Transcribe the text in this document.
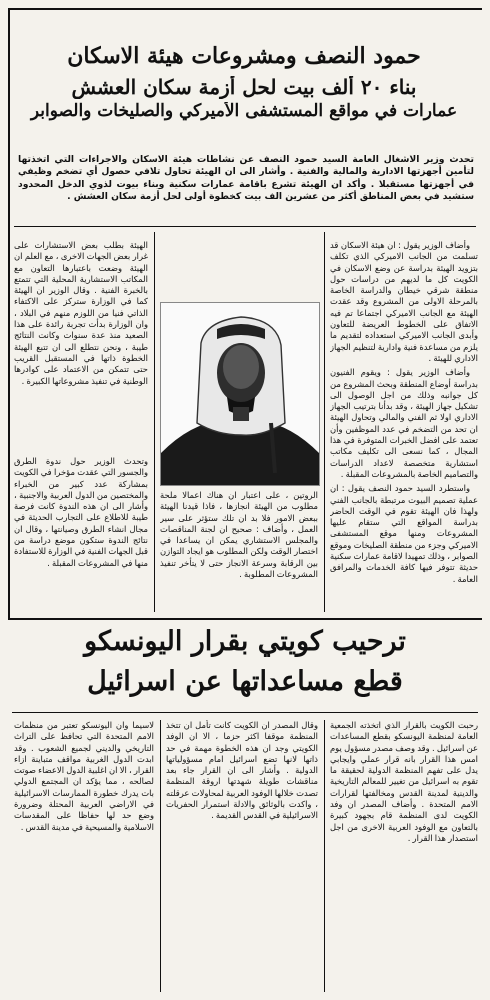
حمود النصف ومشروعات هيئة الاسكان
بناء ٢٠ ألف بيت لحل أزمة سكان العشش
عمارات في مواقع المستشفى الأميركي والصليخات والصوابر
تحدث وزير الاشغال العامة السيد حمود النصف عن نشاطات هيئة الاسكان والاجراءات التي اتخذتها لتأمين أجهزتها الادارية والمالية والفنية . وأشار الى ان الهيئة تحاول تلافي حصول أي تضخم وظيفي في أجهزتها مستقبلا . وأكد ان الهيئة تشرع باقامة عمارات سكنية وبناء بيوت لذوي الدخل المحدود ستشيد في بعض المناطق أكثر من عشرين الف بيت كخطوة أولى لحل أزمة سكان العشش .

وأضاف الوزير يقول : ان هيئة الاسكان قد تسلمت من الجانب الاميركي الذي تكلف بتزويد الهيئة بدراسة عن وضع الاسكان في الكويت كل ما لديهم من دراسات حول منطقة شرقي خيطان والدراسة الخاصة بالمرحلة الاولى من المشروع وقد عقدت الهيئة مع الجانب الاميركي اجتماعا تم فيه الاتفاق على الخطوط العريضة للتعاون وأبدى الجانب الاميركي استعداده لتقديم ما يلزم من مساعدة فنية وادارية لتنظيم الجهاز الاداري للهيئة .

وأضاف الوزير يقول : ويقوم الفنيون بدراسة أوضاع المنطقة وبحث المشروع من كل جوانبه وذلك من اجل الوصول الى تشكيل جهاز الهيئة ، وقد بدأنا بترتيب الجهاز الاداري اولا ثم الفني والمالي وتحاول الهيئة ان تحد من التضخم في عدد الموظفين وأن تعتمد على افضل الخبرات المتوفرة في هذا المجال ، كما نسعى الى تكليف مكاتب استشارية متخصصة لاعداد الدراسات والتصاميم الخاصة بالمشروعات المقبلة .

واستطرد السيد حمود النصف يقول : ان عملية تصميم البيوت مرتبطة بالجانب الفني ولهذا فان الهيئة تقوم في الوقت الحاضر بدراسة المواقع التي ستقام عليها المشروعات ومنها موقع المستشفى الاميركي وجزء من منطقة الصليخات وموقع الصوابر ، وذلك تمهيدا لاقامة عمارات سكنية حديثة تتوفر فيها كافة الخدمات والمرافق العامة .

الروتين ، على اعتبار ان هناك اعمالا ملحة مطلوب من الهيئة انجازها ، فاذا قيدنا الهيئة ببعض الامور فلا بد ان تلك ستؤثر على سير العمل ، وأضاف : صحيح ان لجنة المناقصات والمجلس الاستشاري يمكن ان يساعدا في اختصار الوقت ولكن المطلوب هو ايجاد التوازن بين الرقابة وسرعة الانجاز حتى لا يتأخر تنفيذ المشروعات المطلوبة .
الهيئة بطلب بعض الاستشارات على غرار بعض الجهات الاخرى ، مع العلم ان الهيئة وضعت باعتبارها التعاون مع المكاتب الاستشارية المحلية التي تتمتع بالخبرة الفنية . وقال الوزير ان الهيئة كما في الوزارة ستركز على الاكتفاء الذاتي فنيا من اللوزم منهم في البلاد ، وان الوزارة بدأت تجربة رائدة على هذا الصعيد منذ عدة سنوات وكانت النتائج طيبة ، ونحن نتطلع الى ان تتبع الهيئة الخطوة ذاتها في المستقبل القريب حتى تتمكن من الاعتماد على كوادرها الوطنية في تنفيذ مشروعاتها الكبيرة .
وتحدث الوزير حول ندوة الطرق والجسور التي عقدت مؤخرا في الكويت بمشاركة عدد كبير من الخبراء والمختصين من الدول العربية والاجنبية ، وأشار الى ان هذه الندوة كانت فرصة طيبة للاطلاع على التجارب الحديثة في مجال انشاء الطرق وصيانتها ، وقال ان نتائج الندوة ستكون موضع دراسة من قبل الجهات الفنية في الوزارة للاستفادة منها في المشروعات المقبلة .
ترحيب كويتي بقرار اليونسكو
قطع مساعداتها عن اسرائيل
رحبت الكويت بالقرار الذي اتخذته الجمعية العامة لمنظمة اليونسكو بقطع المساعدات عن اسرائيل . وقد وصف مصدر مسؤول يوم امس هذا القرار بانه قرار عملي وايجابي يدل على تفهم المنظمة الدولية لحقيقة ما تقوم به اسرائيل من تغيير للمعالم التاريخية والدينية لمدينة القدس ومخالفتها لقرارات الامم المتحدة . وأضاف المصدر ان وفد الكويت لدى المنظمة قام بجهود كبيرة بالتعاون مع الوفود العربية الاخرى من اجل استصدار هذا القرار .
وقال المصدر ان الكويت كانت تأمل ان تتخذ المنظمة موقفا اكثر حزما ، الا ان الوفد الكويتي وجد ان هذه الخطوة مهمة في حد ذاتها لانها تضع اسرائيل امام مسؤولياتها الدولية . وأشار الى ان القرار جاء بعد مناقشات طويلة شهدتها اروقة المنظمة تصدت خلالها الوفود العربية لمحاولات عرقلته ، واكدت بالوثائق والادلة استمرار الحفريات الاسرائيلية في القدس القديمة .
لاسيما وان اليونسكو تعتبر من منظمات الامم المتحدة التي تحافظ على التراث التاريخي والديني لجميع الشعوب . وقد ابدت الدول الغربية مواقف متباينة ازاء القرار ، الا ان اغلبية الدول الاعضاء صوتت لصالحه ، مما يؤكد ان المجتمع الدولي بات يدرك خطورة الممارسات الاسرائيلية في الاراضي العربية المحتلة وضرورة وضع حد لها حفاظا على المقدسات الاسلامية والمسيحية في مدينة القدس .
